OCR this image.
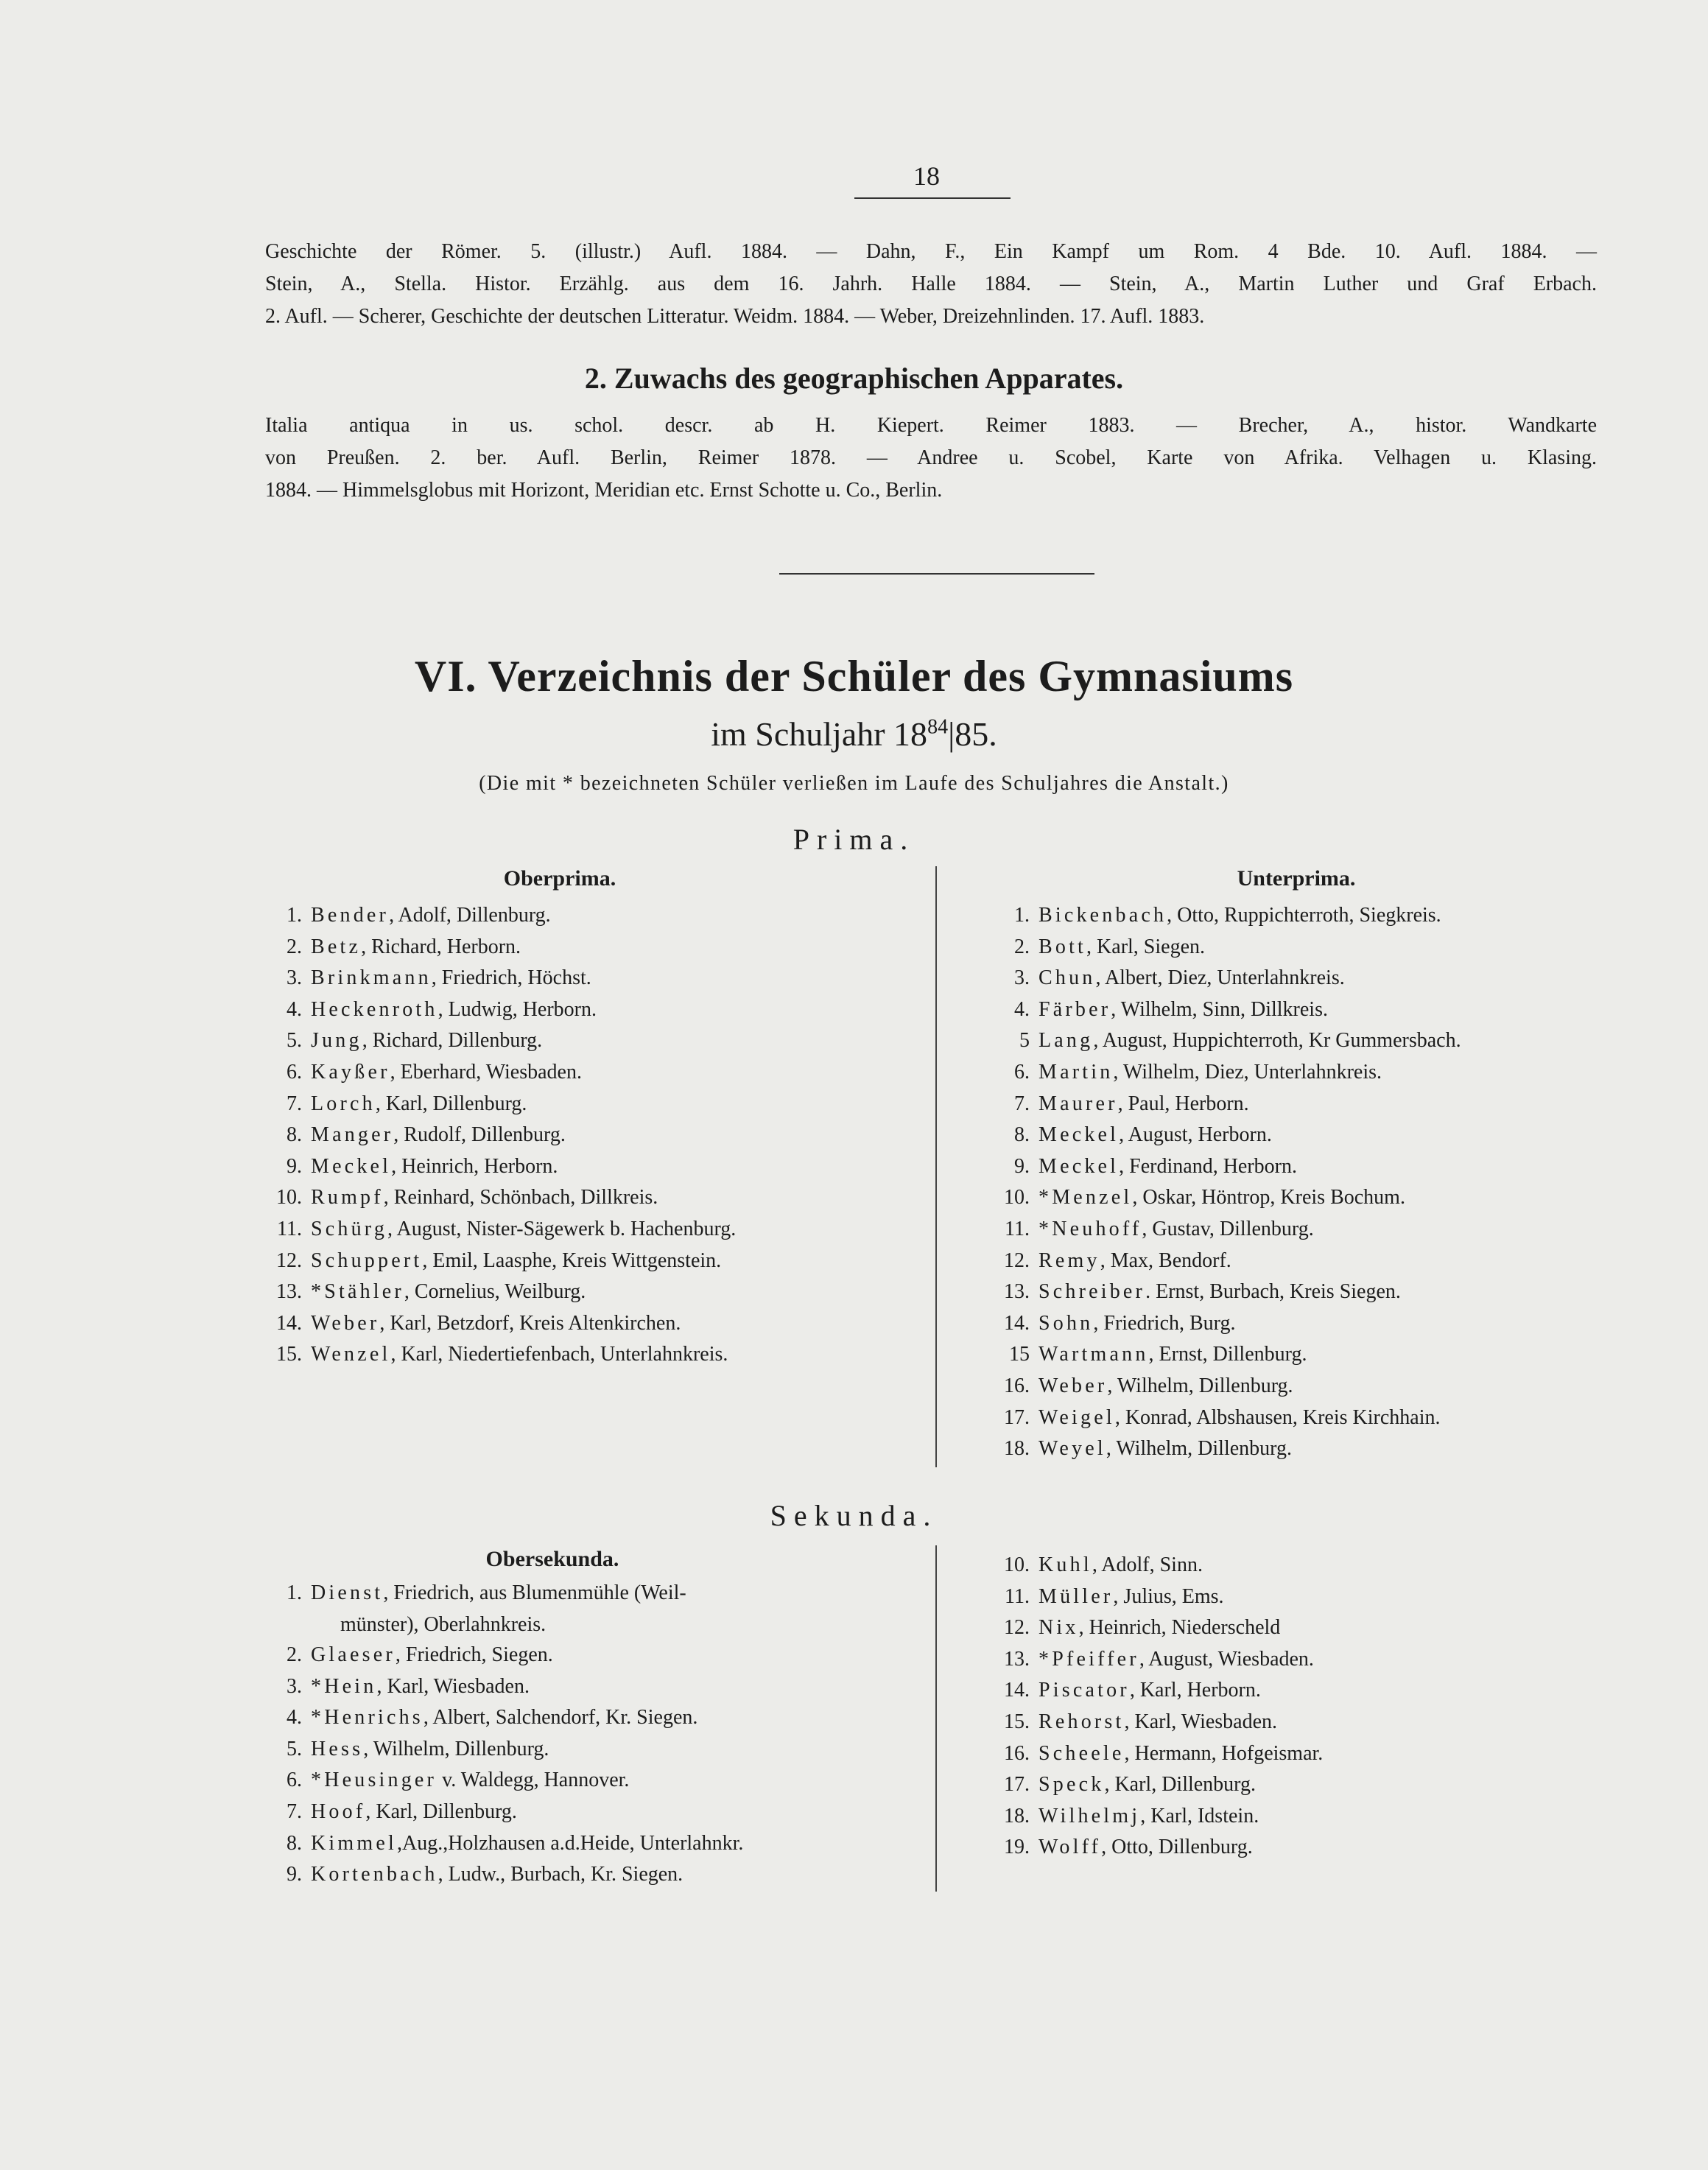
18
Geschichte der Römer. 5. (illustr.) Aufl. 1884. — Dahn, F., Ein Kampf um Rom. 4 Bde. 10. Aufl. 1884. —
Stein, A., Stella. Histor. Erzählg. aus dem 16. Jahrh. Halle 1884. — Stein, A., Martin Luther und Graf Erbach.
2. Aufl. — Scherer, Geschichte der deutschen Litteratur. Weidm. 1884. — Weber, Dreizehnlinden. 17. Aufl. 1883.
2. Zuwachs des geographischen Apparates.
Italia antiqua in us. schol. descr. ab H. Kiepert. Reimer 1883. — Brecher, A., histor. Wandkarte
von Preußen. 2. ber. Aufl. Berlin, Reimer 1878. — Andree u. Scobel, Karte von Afrika. Velhagen u. Klasing.
1884. — Himmelsglobus mit Horizont, Meridian etc. Ernst Schotte u. Co., Berlin.
VI. Verzeichnis der Schüler des Gymnasiums
im Schuljahr $18^{84}|85$.
(Die mit * bezeichneten Schüler verließen im Laufe des Schuljahres die Anstalt.)
Prima.
Oberprima.	Unterprima.
1. Bender, Adolf, Dillenburg.
2. Betz, Richard, Herborn.
3. Brinkmann, Friedrich, Höchst.
4. Heckenroth, Ludwig, Herborn.
5. Jung, Richard, Dillenburg.
6. Kayßer, Eberhard, Wiesbaden.
7. Lorch, Karl, Dillenburg.
8. Manger, Rudolf, Dillenburg.
9. Meckel, Heinrich, Herborn.
10. Rumpf, Reinhard, Schönbach, Dillkreis.
11. Schürg, August, Nister-Sägewerk b. Hachenburg.
12. Schuppert, Emil, Laasphe, Kreis Wittgenstein.
13. *Stähler, Cornelius, Weilburg.
14. Weber, Karl, Betzdorf, Kreis Altenkirchen.
15. Wenzel, Karl, Niedertiefenbach, Unterlahnkreis.
1. Bickenbach, Otto, Ruppichterroth, Siegkreis.
2. Bott, Karl, Siegen.
3. Chun, Albert, Diez, Unterlahnkreis.
4. Färber, Wilhelm, Sinn, Dillkreis.
5 Lang, August, Huppichterroth, Kr Gummersbach.
6. Martin, Wilhelm, Diez, Unterlahnkreis.
7. Maurer, Paul, Herborn.
8. Meckel, August, Herborn.
9. Meckel, Ferdinand, Herborn.
10. *Menzel, Oskar, Höntrop, Kreis Bochum.
11. *Neuhoff, Gustav, Dillenburg.
12. Remy, Max, Bendorf.
13. Schreiber. Ernst, Burbach, Kreis Siegen.
14. Sohn, Friedrich, Burg.
15 Wartmann, Ernst, Dillenburg.
16. Weber, Wilhelm, Dillenburg.
17. Weigel, Konrad, Albshausen, Kreis Kirchhain.
18. Weyel, Wilhelm, Dillenburg.
Sekunda.
Obersekunda.
1. Dienst, Friedrich, aus Blumenmühle (Weil-
münster), Oberlahnkreis.
2. Glaeser, Friedrich, Siegen.
3. *Hein, Karl, Wiesbaden.
4. *Henrichs, Albert, Salchendorf, Kr. Siegen.
5. Hess, Wilhelm, Dillenburg.
6. *Heusinger v. Waldegg, Hannover.
7. Hoof, Karl, Dillenburg.
8. Kimmel,Aug.,Holzhausen a.d.Heide, Unterlahnkr.
9. Kortenbach, Ludw., Burbach, Kr. Siegen.
10. Kuhl, Adolf, Sinn.
11. Müller, Julius, Ems.
12. Nix, Heinrich, Niederscheld
13. *Pfeiffer, August, Wiesbaden.
14. Piscator, Karl, Herborn.
15. Rehorst, Karl, Wiesbaden.
16. Scheele, Hermann, Hofgeismar.
17. Speck, Karl, Dillenburg.
18. Wilhelmj, Karl, Idstein.
19. Wolff, Otto, Dillenburg.
